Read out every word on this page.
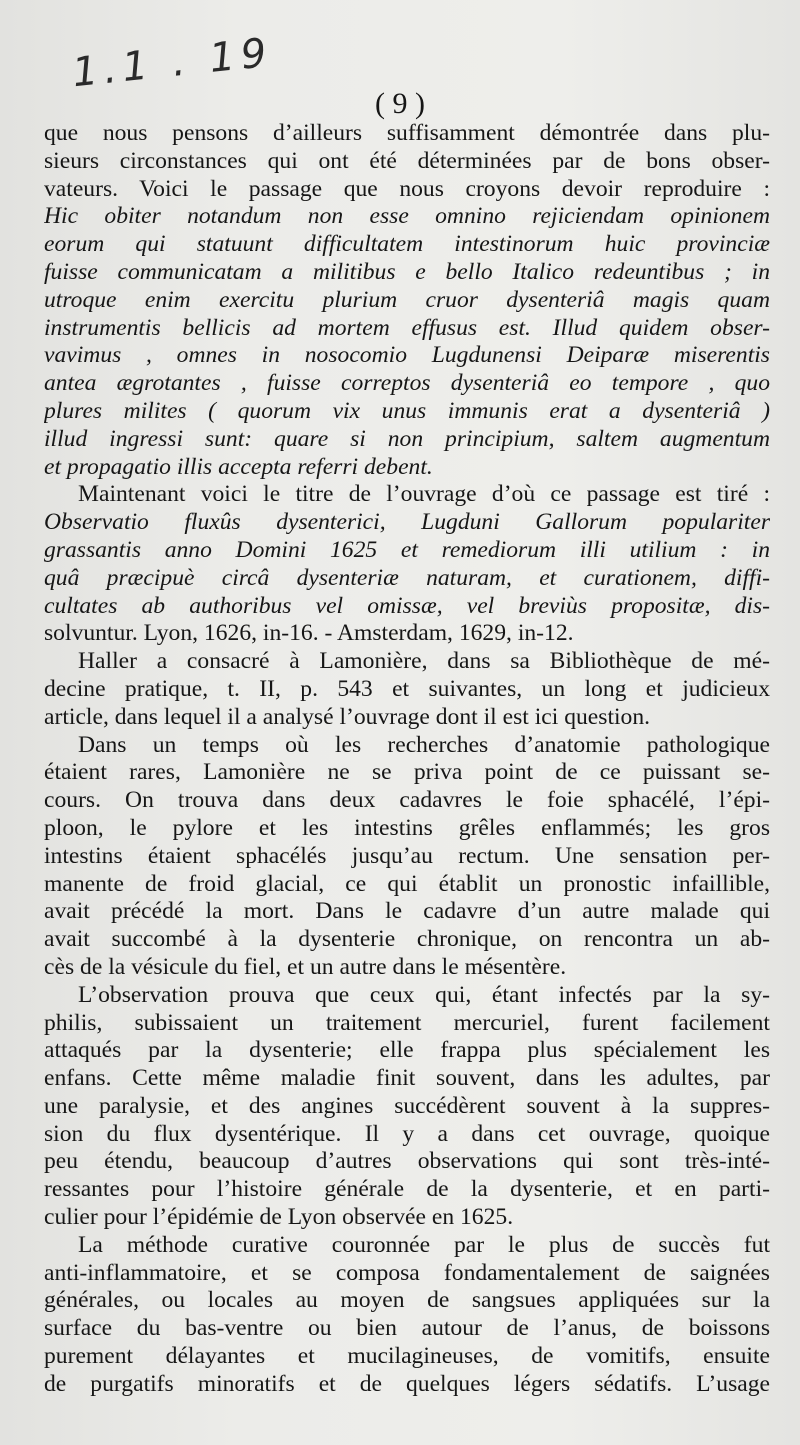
1.1 . 19
( 9 )
que nous pensons d’ailleurs suffisamment démontrée dans plu-
sieurs circonstances qui ont été déterminées par de bons obser-
vateurs. Voici le passage que nous croyons devoir reproduire :
Hic obiter notandum non esse omnino rejiciendam opinionem
eorum qui statuunt difficultatem intestinorum huic provinciæ
fuisse communicatam a militibus e bello Italico redeuntibus ; in
utroque enim exercitu plurium cruor dysenteriâ magis quam
instrumentis bellicis ad mortem effusus est. Illud quidem obser-
vavimus , omnes in nosocomio Lugdunensi Deiparæ miserentis
antea ægrotantes , fuisse correptos dysenteriâ eo tempore , quo
plures milites ( quorum vix unus immunis erat a dysenteriâ )
illud ingressi sunt: quare si non principium, saltem augmentum
et propagatio illis accepta referri debent.
Maintenant voici le titre de l’ouvrage d’où ce passage est tiré :
Observatio fluxûs dysenterici, Lugduni Gallorum populariter
grassantis anno Domini 1625 et remediorum illi utilium : in
quâ præcipuè circâ dysenteriæ naturam, et curationem, diffi-
cultates ab authoribus vel omissæ, vel breviùs propositæ, dis-
solvuntur. Lyon, 1626, in-16. - Amsterdam, 1629, in-12.
Haller a consacré à Lamonière, dans sa Bibliothèque de mé-
decine pratique, t. II, p. 543 et suivantes, un long et judicieux
article, dans lequel il a analysé l’ouvrage dont il est ici question.
Dans un temps où les recherches d’anatomie pathologique
étaient rares, Lamonière ne se priva point de ce puissant se-
cours. On trouva dans deux cadavres le foie sphacélé, l’épi-
ploon, le pylore et les intestins grêles enflammés; les gros
intestins étaient sphacélés jusqu’au rectum. Une sensation per-
manente de froid glacial, ce qui établit un pronostic infaillible,
avait précédé la mort. Dans le cadavre d’un autre malade qui
avait succombé à la dysenterie chronique, on rencontra un ab-
cès de la vésicule du fiel, et un autre dans le mésentère.
L’observation prouva que ceux qui, étant infectés par la sy-
philis, subissaient un traitement mercuriel, furent facilement
attaqués par la dysenterie; elle frappa plus spécialement les
enfans. Cette même maladie finit souvent, dans les adultes, par
une paralysie, et des angines succédèrent souvent à la suppres-
sion du flux dysentérique. Il y a dans cet ouvrage, quoique
peu étendu, beaucoup d’autres observations qui sont très-inté-
ressantes pour l’histoire générale de la dysenterie, et en parti-
culier pour l’épidémie de Lyon observée en 1625.
La méthode curative couronnée par le plus de succès fut
anti-inflammatoire, et se composa fondamentalement de saignées
générales, ou locales au moyen de sangsues appliquées sur la
surface du bas-ventre ou bien autour de l’anus, de boissons
purement délayantes et mucilagineuses, de vomitifs, ensuite
de purgatifs minoratifs et de quelques légers sédatifs. L’usage
